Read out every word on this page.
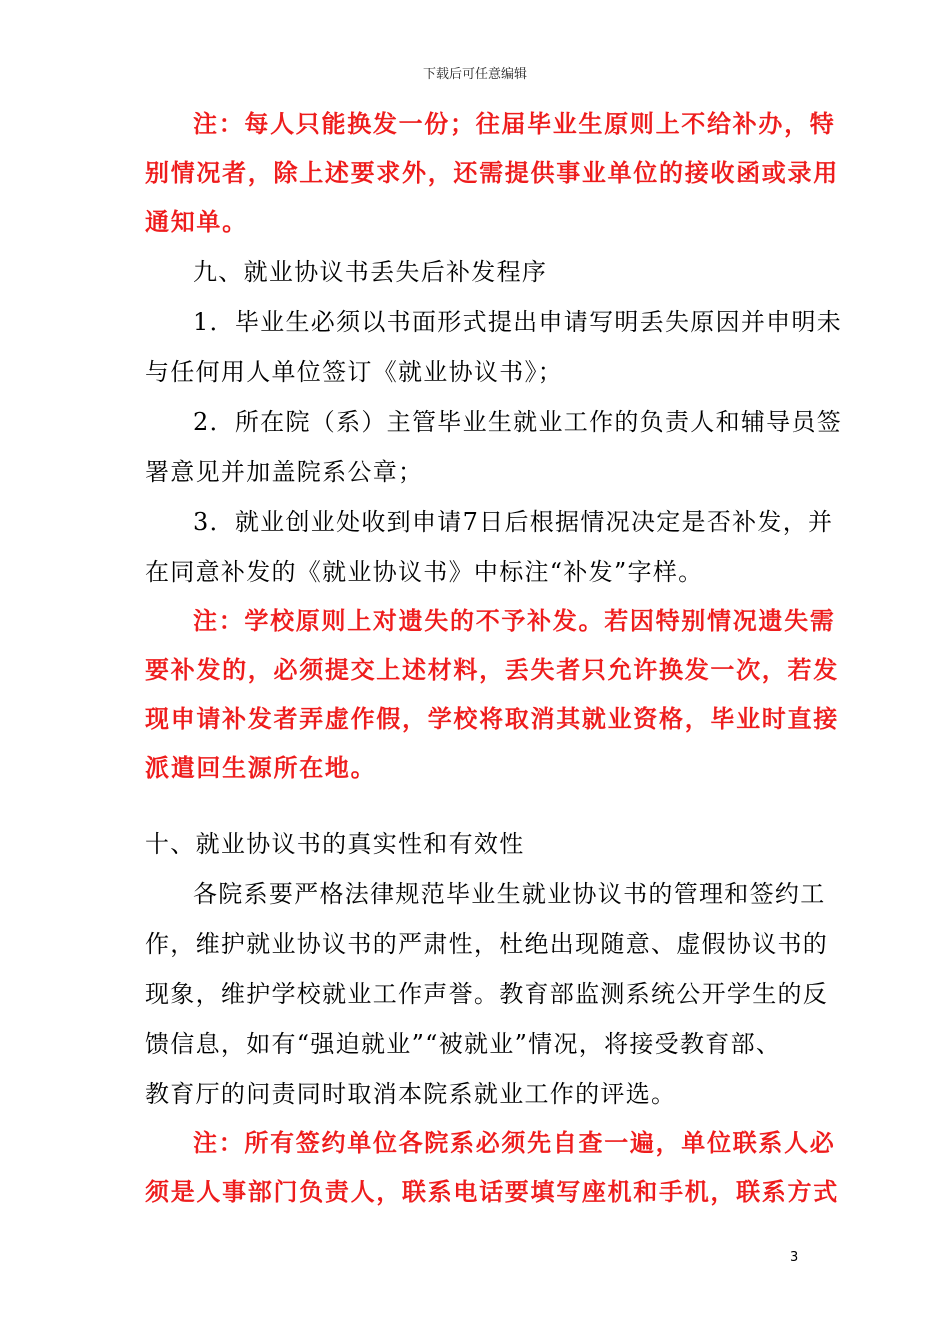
下载后可任意编辑
注：每人只能换发一份；往届毕业生原则上不给补办，特
别情况者，除上述要求外，还需提供事业单位的接收函或录用
通知单。
九、就业协议书丢失后补发程序
1．毕业生必须以书面形式提出申请写明丢失原因并申明未
与任何用人单位签订《就业协议书》；
2．所在院（系）主管毕业生就业工作的负责人和辅导员签
署意见并加盖院系公章；
3．就业创业处收到申请7日后根据情况决定是否补发，并
在同意补发的《就业协议书》中标注“补发”字样。
注：学校原则上对遗失的不予补发。若因特别情况遗失需
要补发的，必须提交上述材料，丢失者只允许换发一次，若发
现申请补发者弄虚作假，学校将取消其就业资格，毕业时直接
派遣回生源所在地。
十、就业协议书的真实性和有效性
各院系要严格法律规范毕业生就业协议书的管理和签约工
作，维护就业协议书的严肃性，杜绝出现随意、虚假协议书的
现象，维护学校就业工作声誉。教育部监测系统公开学生的反
馈信息，如有“强迫就业”“被就业”情况，将接受教育部、
教育厅的问责同时取消本院系就业工作的评选。
注：所有签约单位各院系必须先自查一遍，单位联系人必
须是人事部门负责人，联系电话要填写座机和手机，联系方式
3
